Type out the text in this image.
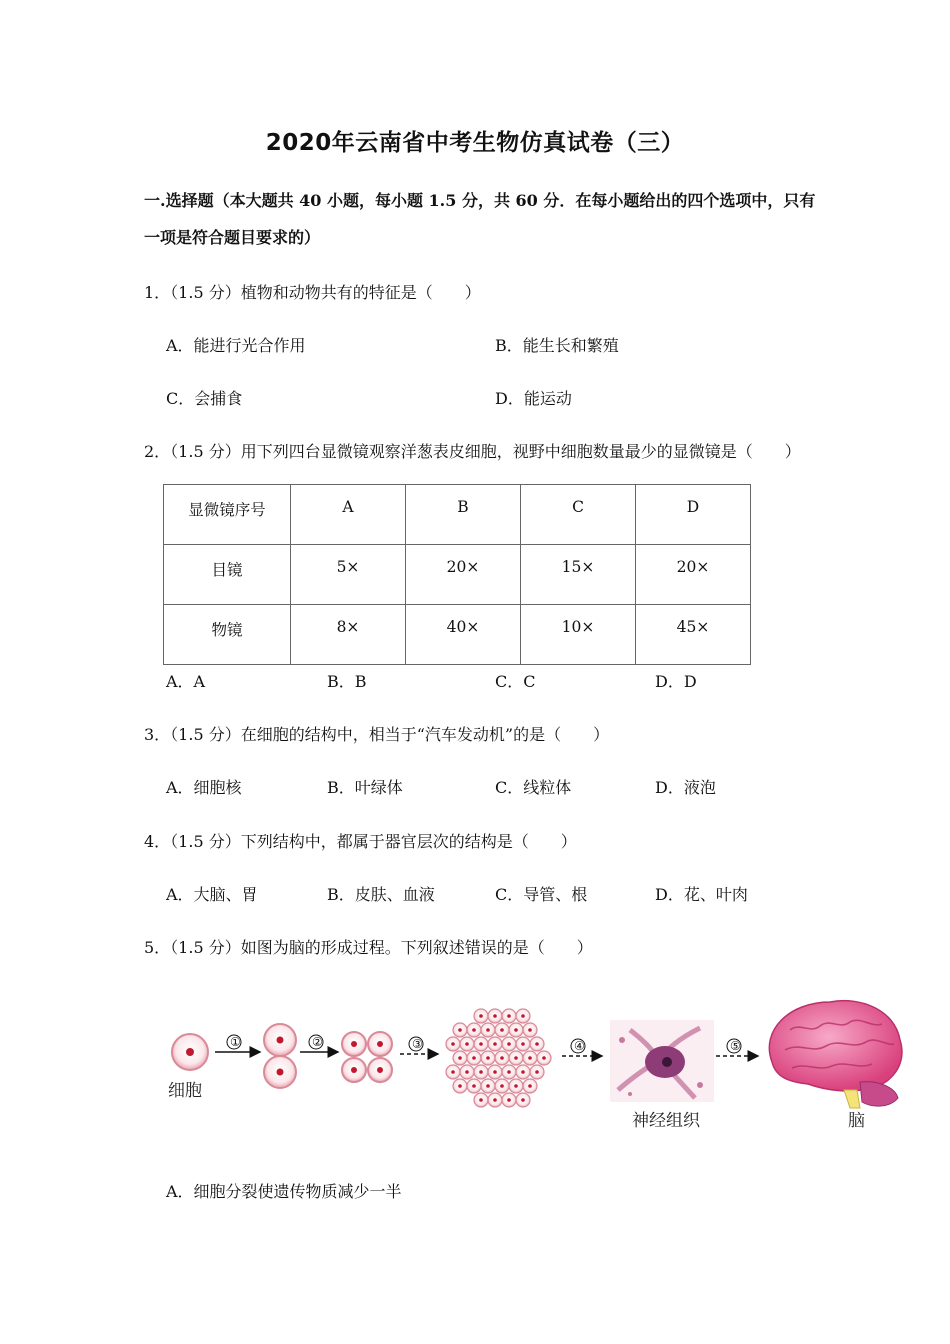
2020年云南省中考生物仿真试卷（三）
一.选择题（本大题共 40 小题，每小题 1.5 分，共 60 分．在每小题给出的四个选项中，只有一项是符合题目要求的）
1．（1.5 分）植物和动物共有的特征是（　　）
A．能进行光合作用	B．能生长和繁殖
C．会捕食	D．能运动
2．（1.5 分）用下列四台显微镜观察洋葱表皮细胞，视野中细胞数量最少的显微镜是（　　）
显微镜序号	A	B	C	D
目镜	5×	20×	15×	20×
物镜	8×	40×	10×	45×
A．A	B．B	C．C	D．D
3．（1.5 分）在细胞的结构中，相当于“汽车发动机”的是（　　）
A．细胞核	B．叶绿体	C．线粒体	D．液泡
4．（1.5 分）下列结构中，都属于器官层次的结构是（　　）
A．大脑、胃	B．皮肤、血液	C．导管、根	D．花、叶肉
5．（1.5 分）如图为脑的形成过程。下列叙述错误的是（　　）
细胞
①	②	③	④
神经组织
⑤
脑
A．细胞分裂使遗传物质减少一半
